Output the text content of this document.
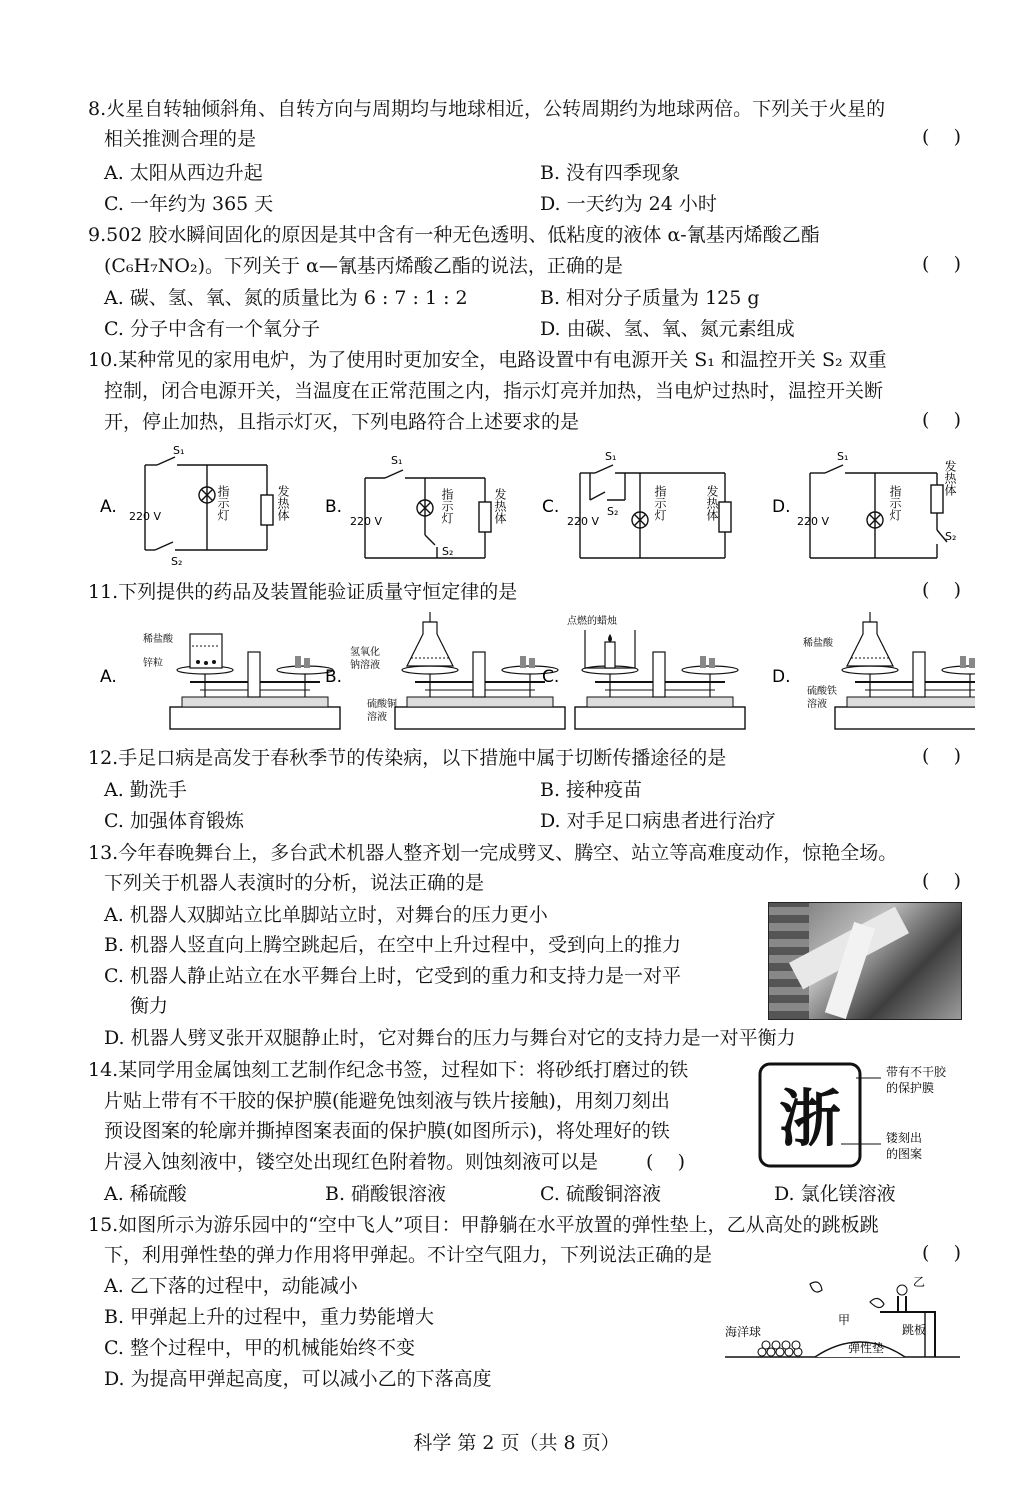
8.火星自转轴倾斜角、自转方向与周期均与地球相近，公转周期约为地球两倍。下列关于火星的
相关推测合理的是	(    )
A. 太阳从西边升起	B. 没有四季现象
C. 一年约为 365 天	D. 一天约为 24 小时
9.502 胶水瞬间固化的原因是其中含有一种无色透明、低粘度的液体 α-氰基丙烯酸乙酯
(C₆H₇NO₂)。下列关于 α—氰基丙烯酸乙酯的说法，正确的是	(    )
A. 碳、氢、氧、氮的质量比为 6 : 7 : 1 : 2	B. 相对分子质量为 125 g
C. 分子中含有一个氧分子	D. 由碳、氢、氧、氮元素组成
10.某种常见的家用电炉，为了使用时更加安全，电路设置中有电源开关 S₁ 和温控开关 S₂ 双重
控制，闭合电源开关，当温度在正常范围之内，指示灯亮并加热，当电炉过热时，温控开关断
开，停止加热，且指示灯灭，下列电路符合上述要求的是	(    )
A. 220 V
S₁
S₂
指示灯	发热体 B.
220 V
S₁
S₂
指示灯	发热体 C.
220 V
S₁
S₂	指示灯	发热体	D.
220 V
S₁
S₂
指示灯
发热体
11.下列提供的药品及装置能验证质量守恒定律的是	(    )
A.
稀盐酸
锌粒
B.
氢氧化
钠溶液
硫酸铜
溶液
C.
点燃的蜡烛
D.
稀盐酸
硫酸铁
溶液
12.手足口病是高发于春秋季节的传染病，以下措施中属于切断传播途径的是	(    )
A. 勤洗手	B. 接种疫苗
C. 加强体育锻炼	D. 对手足口病患者进行治疗
13.今年春晚舞台上，多台武术机器人整齐划一完成劈叉、腾空、站立等高难度动作，惊艳全场。
下列关于机器人表演时的分析，说法正确的是	(    )
A. 机器人双脚站立比单脚站立时，对舞台的压力更小
B. 机器人竖直向上腾空跳起后，在空中上升过程中，受到向上的推力
C. 机器人静止站立在水平舞台上时，它受到的重力和支持力是一对平
衡力
D. 机器人劈叉张开双腿静止时，它对舞台的压力与舞台对它的支持力是一对平衡力
14.某同学用金属蚀刻工艺制作纪念书签，过程如下：将砂纸打磨过的铁
片贴上带有不干胶的保护膜(能避免蚀刻液与铁片接触)，用刻刀刻出
预设图案的轮廓并撕掉图案表面的保护膜(如图所示)，将处理好的铁
片浸入蚀刻液中，镂空处出现红色附着物。则蚀刻液可以是	(    )
A. 稀硫酸	B. 硝酸银溶液	C. 硫酸铜溶液	D. 氯化镁溶液
浙
带有不干胶
的保护膜
镂刻出
的图案
15.如图所示为游乐园中的“空中飞人”项目：甲静躺在水平放置的弹性垫上，乙从高处的跳板跳
下，利用弹性垫的弹力作用将甲弹起。不计空气阻力，下列说法正确的是	(    )
A. 乙下落的过程中，动能减小
B. 甲弹起上升的过程中，重力势能增大
C. 整个过程中，甲的机械能始终不变
D. 为提高甲弹起高度，可以减小乙的下落高度
海洋球
甲
乙
跳板
弹性垫
科学 第 2 页（共 8 页）
